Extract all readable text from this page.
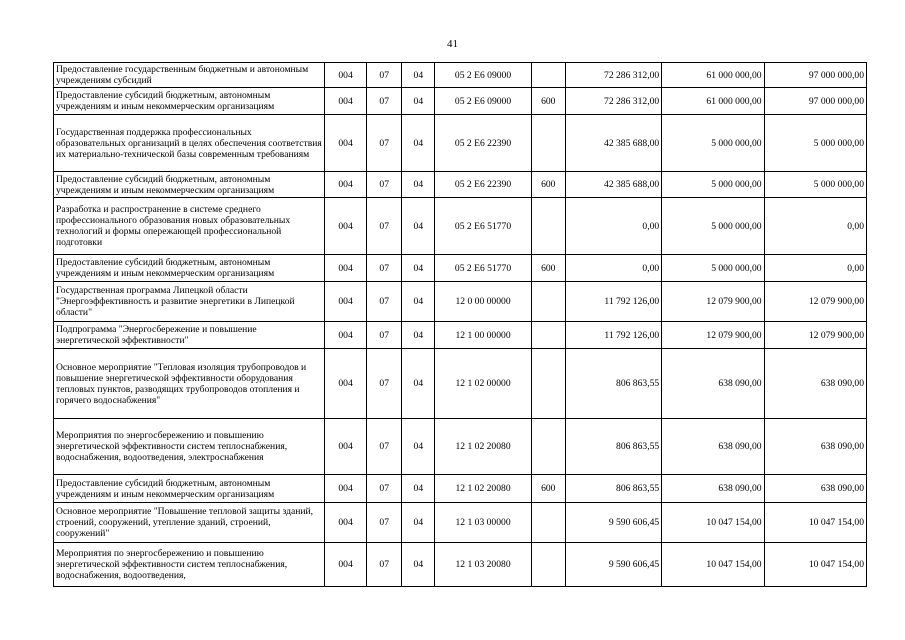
41
Предоставление государственным бюджетным и автономным учреждениям субсидий	004	07	04	05 2 Е6 09000		72 286 312,00	61 000 000,00	97 000 000,00
Предоставление субсидий бюджетным, автономным учреждениям и иным некоммерческим организациям	004	07	04	05 2 Е6 09000	600	72 286 312,00	61 000 000,00	97 000 000,00
Государственная поддержка профессиональных образовательных организаций в целях обеспечения соответствия их материально-технической базы современным требованиям	004	07	04	05 2 Е6 22390		42 385 688,00	5 000 000,00	5 000 000,00
Предоставление субсидий бюджетным, автономным учреждениям и иным некоммерческим организациям	004	07	04	05 2 Е6 22390	600	42 385 688,00	5 000 000,00	5 000 000,00
Разработка и распространение в системе среднего профессионального образования новых образовательных технологий и формы опережающей профессиональной подготовки	004	07	04	05 2 Е6 51770		0,00	5 000 000,00	0,00
Предоставление субсидий бюджетным, автономным учреждениям и иным некоммерческим организациям	004	07	04	05 2 Е6 51770	600	0,00	5 000 000,00	0,00
Государственная программа Липецкой области "Энергоэффективность и развитие энергетики в Липецкой области"	004	07	04	12 0 00 00000		11 792 126,00	12 079 900,00	12 079 900,00
Подпрограмма "Энергосбережение и повышение энергетической эффективности"	004	07	04	12 1 00 00000		11 792 126,00	12 079 900,00	12 079 900,00
Основное мероприятие "Тепловая изоляция трубопроводов и повышение энергетической эффективности оборудования тепловых пунктов, разводящих трубопроводов отопления и горячего водоснабжения"	004	07	04	12 1 02 00000		806 863,55	638 090,00	638 090,00
Мероприятия по энергосбережению и повышению энергетической эффективности систем теплоснабжения, водоснабжения, водоотведения, электроснабжения	004	07	04	12 1 02 20080		806 863,55	638 090,00	638 090,00
Предоставление субсидий бюджетным, автономным учреждениям и иным некоммерческим организациям	004	07	04	12 1 02 20080	600	806 863,55	638 090,00	638 090,00
Основное мероприятие "Повышение тепловой защиты зданий, строений, сооружений, утепление зданий, строений, сооружений"	004	07	04	12 1 03 00000		9 590 606,45	10 047 154,00	10 047 154,00
Мероприятия по энергосбережению и повышению энергетической эффективности систем теплоснабжения, водоснабжения, водоотведения,	004	07	04	12 1 03 20080		9 590 606,45	10 047 154,00	10 047 154,00
